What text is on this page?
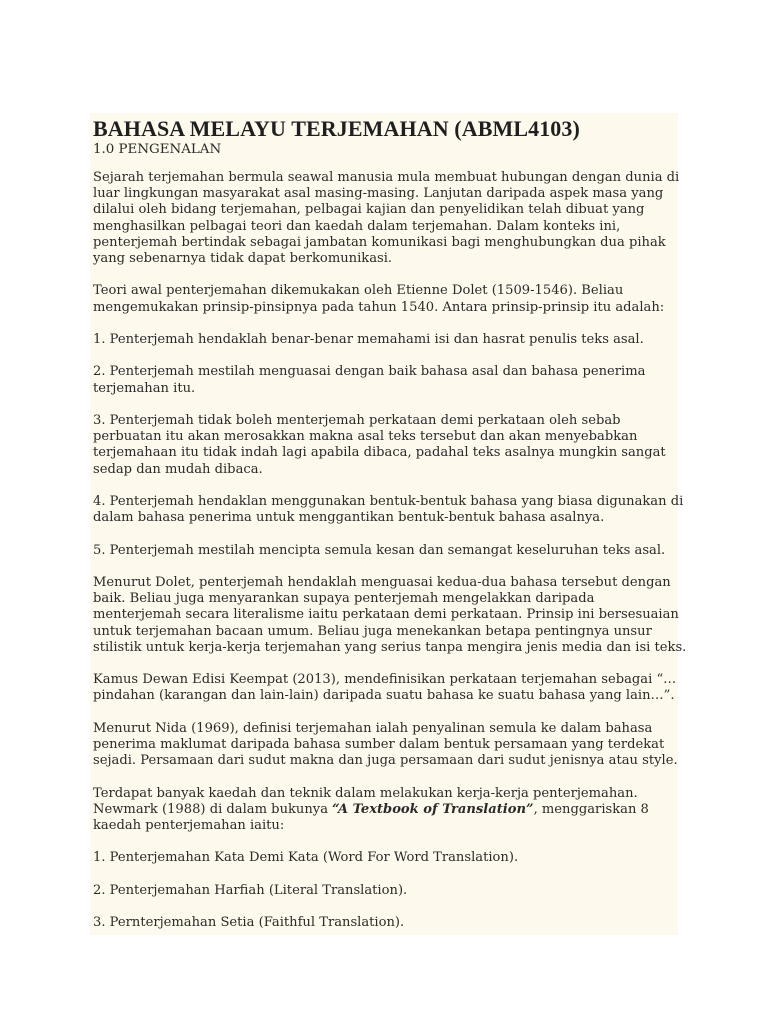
BAHASA MELAYU TERJEMAHAN (ABML4103)
1.0 PENGENALAN
Sejarah terjemahan bermula seawal manusia mula membuat hubungan dengan dunia di
luar lingkungan masyarakat asal masing-masing. Lanjutan daripada aspek masa yang
dilalui oleh bidang terjemahan, pelbagai kajian dan penyelidikan telah dibuat yang
menghasilkan pelbagai teori dan kaedah dalam terjemahan. Dalam konteks ini,
penterjemah bertindak sebagai jambatan komunikasi bagi menghubungkan dua pihak
yang sebenarnya tidak dapat berkomunikasi.
Teori awal penterjemahan dikemukakan oleh Etienne Dolet (1509-1546). Beliau
mengemukakan prinsip-pinsipnya pada tahun 1540. Antara prinsip-prinsip itu adalah:
1. Penterjemah hendaklah benar-benar memahami isi dan hasrat penulis teks asal.
2. Penterjemah mestilah menguasai dengan baik bahasa asal dan bahasa penerima
terjemahan itu.
3. Penterjemah tidak boleh menterjemah perkataan demi perkataan oleh sebab
perbuatan itu akan merosakkan makna asal teks tersebut dan akan menyebabkan
terjemahaan itu tidak indah lagi apabila dibaca, padahal teks asalnya mungkin sangat
sedap dan mudah dibaca.
4. Penterjemah hendaklan menggunakan bentuk-bentuk bahasa yang biasa digunakan di
dalam bahasa penerima untuk menggantikan bentuk-bentuk bahasa asalnya.
5. Penterjemah mestilah mencipta semula kesan dan semangat keseluruhan teks asal.
Menurut Dolet, penterjemah hendaklah menguasai kedua-dua bahasa tersebut dengan
baik. Beliau juga menyarankan supaya penterjemah mengelakkan daripada
menterjemah secara literalisme iaitu perkataan demi perkataan. Prinsip ini bersesuaian
untuk terjemahan bacaan umum. Beliau juga menekankan betapa pentingnya unsur
stilistik untuk kerja-kerja terjemahan yang serius tanpa mengira jenis media dan isi teks.
Kamus Dewan Edisi Keempat (2013), mendefinisikan perkataan terjemahan sebagai “…
pindahan (karangan dan lain-lain) daripada suatu bahasa ke suatu bahasa yang lain…”.
Menurut Nida (1969), definisi terjemahan ialah penyalinan semula ke dalam bahasa
penerima maklumat daripada bahasa sumber dalam bentuk persamaan yang terdekat
sejadi. Persamaan dari sudut makna dan juga persamaan dari sudut jenisnya atau style.
Terdapat banyak kaedah dan teknik dalam melakukan kerja-kerja penterjemahan.
Newmark (1988) di dalam bukunya “A Textbook of Translation”, menggariskan 8
kaedah penterjemahan iaitu:
1. Penterjemahan Kata Demi Kata (Word For Word Translation).
2. Penterjemahan Harfiah (Literal Translation).
3. Pernterjemahan Setia (Faithful Translation).
